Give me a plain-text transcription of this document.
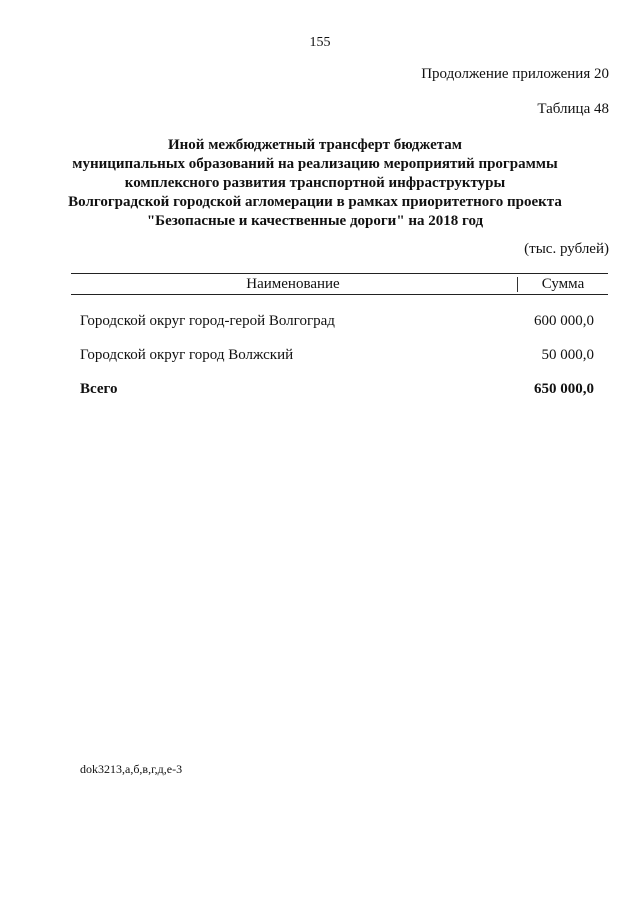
155
Продолжение приложения 20
Таблица 48
Иной межбюджетный трансферт бюджетам
муниципальных образований на реализацию мероприятий программы
комплексного развития транспортной инфраструктуры
Волгоградской городской агломерации в рамках приоритетного проекта
"Безопасные и качественные дороги" на 2018 год
(тыс. рублей)
Наименование	Сумма
Городской округ город-герой Волгоград	600 000,0
Городской округ город Волжский	50 000,0
Всего	650 000,0
dok3213,а,б,в,г,д,е-3
